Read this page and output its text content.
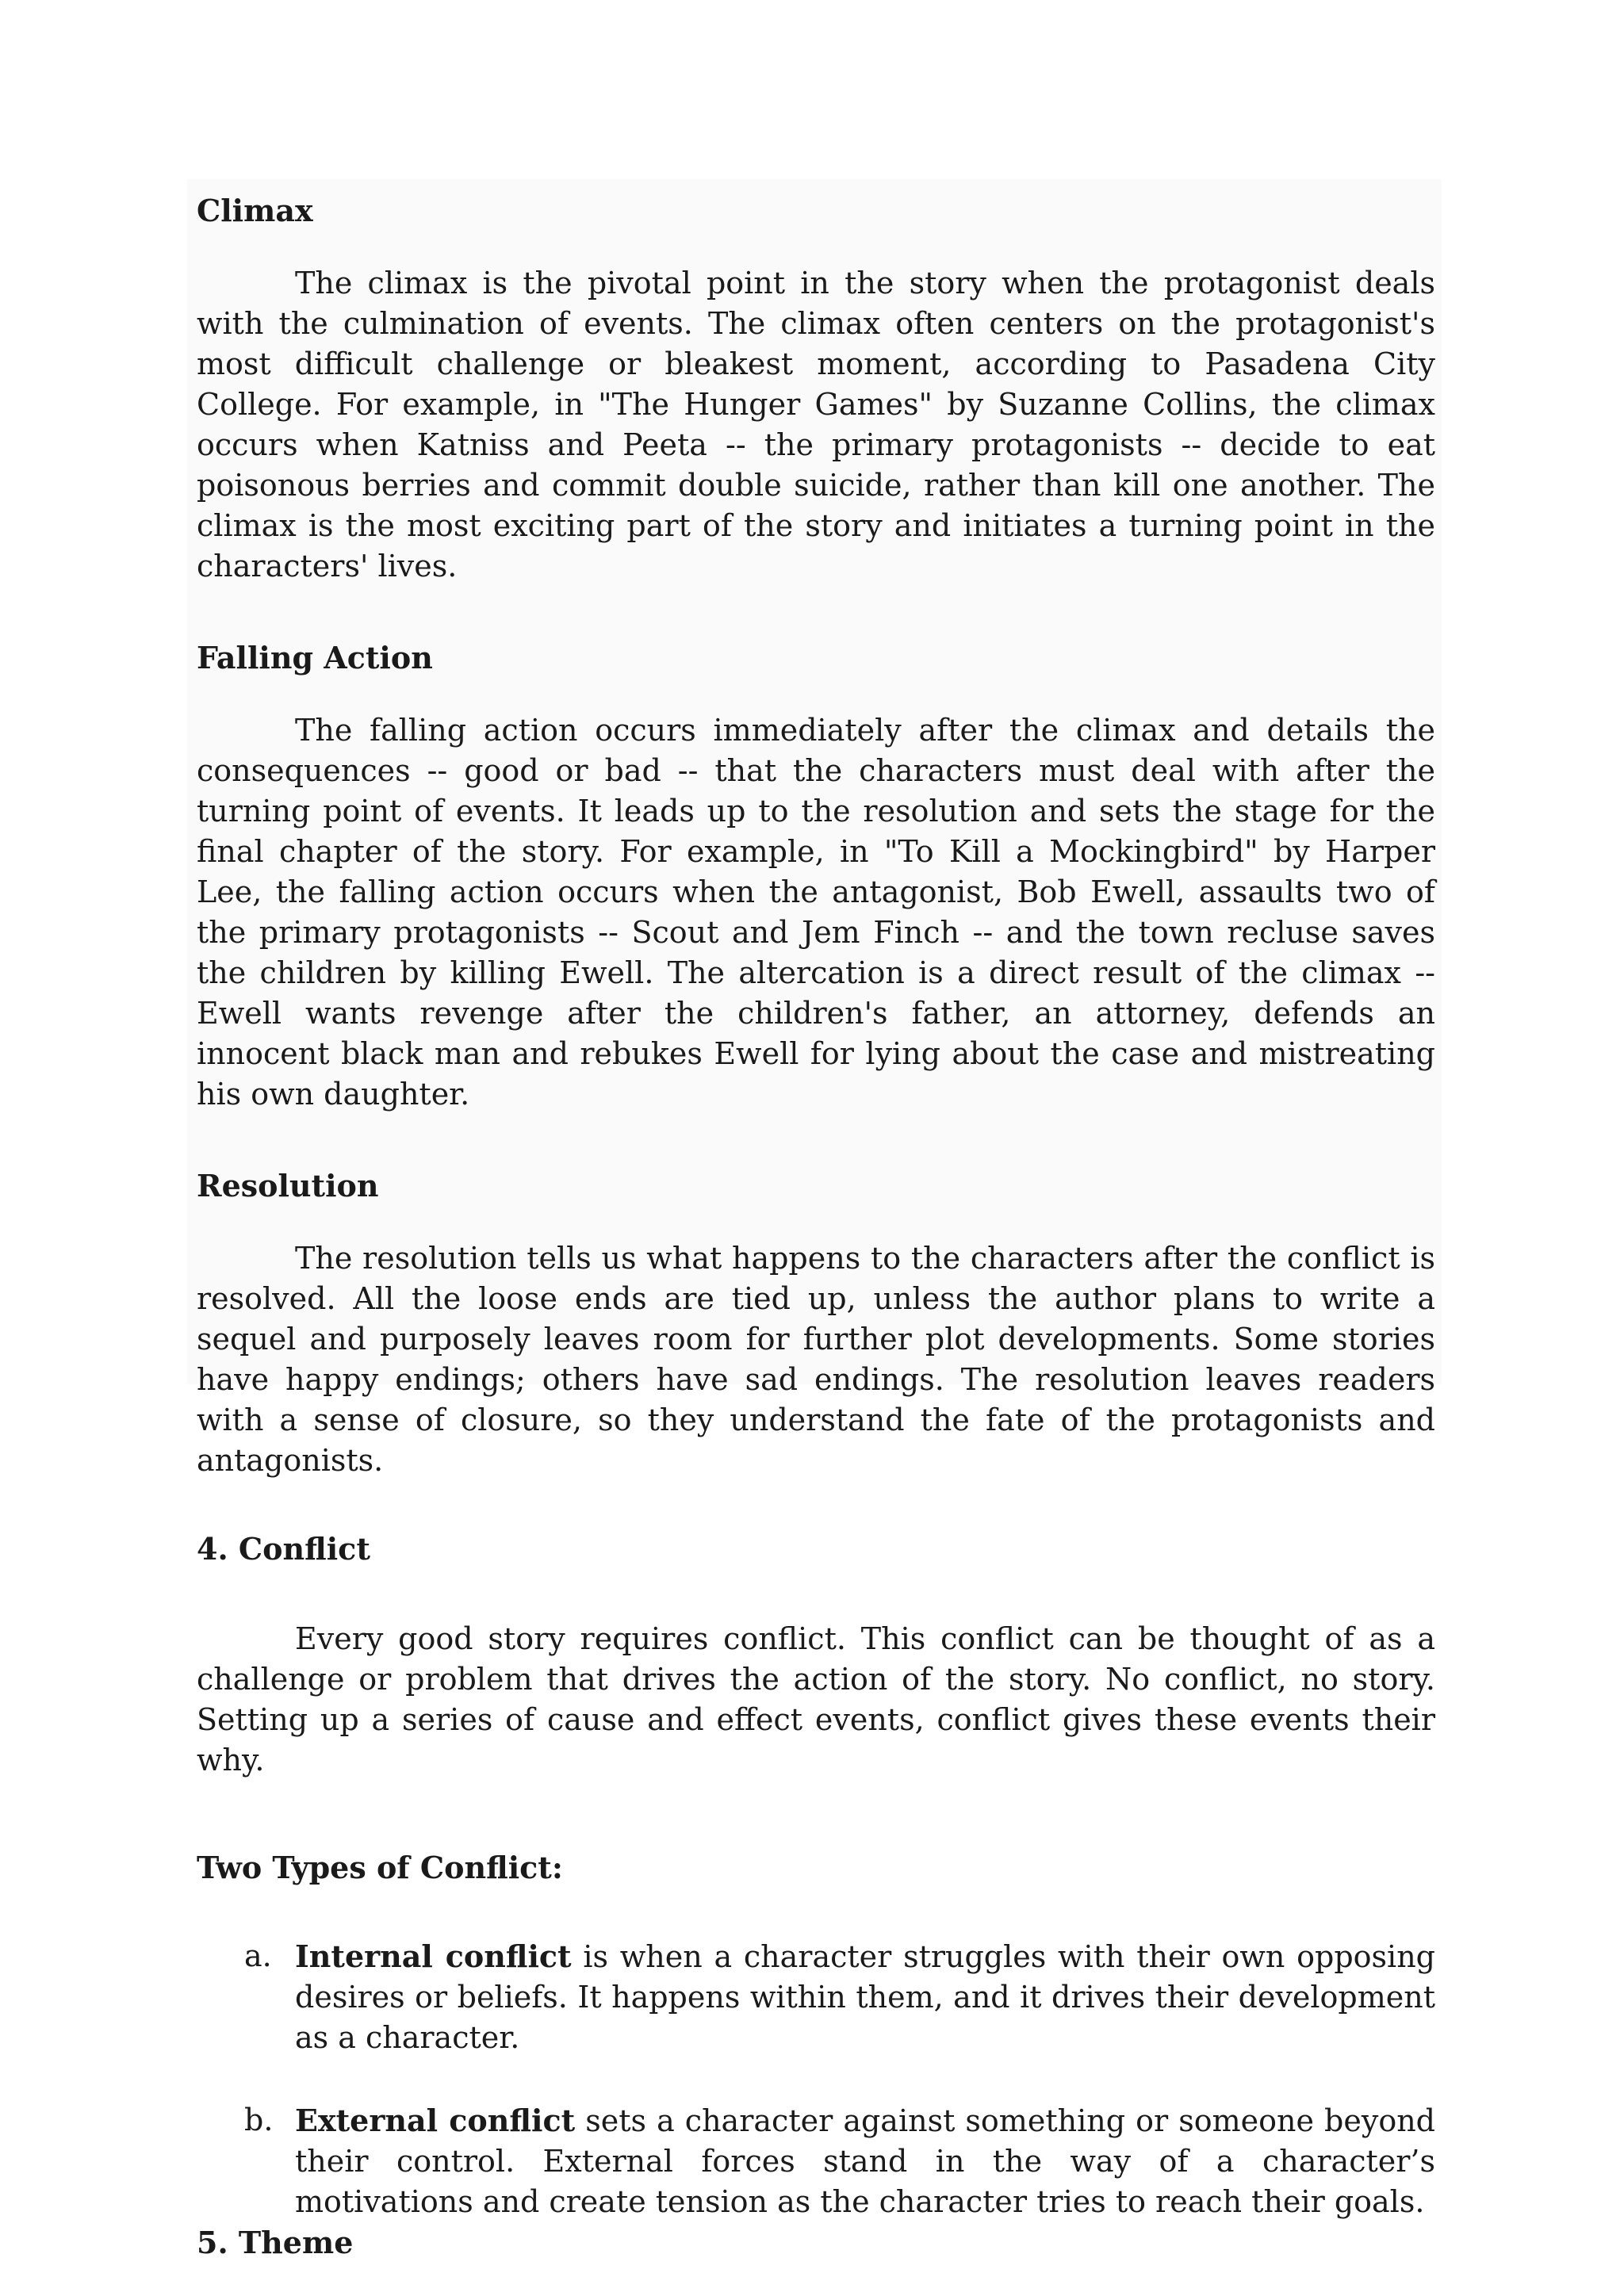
Climax

The climax is the pivotal point in the story when the protagonist deals with the culmination of events. The climax often centers on the protagonist's most difficult challenge or bleakest moment, according to Pasadena City College. For example, in "The Hunger Games" by Suzanne Collins, the climax occurs when Katniss and Peeta -- the primary protagonists -- decide to eat poisonous berries and commit double suicide, rather than kill one another. The climax is the most exciting part of the story and initiates a turning point in the characters' lives.

Falling Action

The falling action occurs immediately after the climax and details the consequences -- good or bad -- that the characters must deal with after the turning point of events. It leads up to the resolution and sets the stage for the final chapter of the story. For example, in "To Kill a Mockingbird" by Harper Lee, the falling action occurs when the antagonist, Bob Ewell, assaults two of the primary protagonists -- Scout and Jem Finch -- and the town recluse saves the children by killing Ewell. The altercation is a direct result of the climax -- Ewell wants revenge after the children's father, an attorney, defends an innocent black man and rebukes Ewell for lying about the case and mistreating his own daughter.

Resolution

The resolution tells us what happens to the characters after the conflict is resolved. All the loose ends are tied up, unless the author plans to write a sequel and purposely leaves room for further plot developments. Some stories have happy endings; others have sad endings. The resolution leaves readers with a sense of closure, so they understand the fate of the protagonists and antagonists.

4. Conflict

Every good story requires conflict. This conflict can be thought of as a challenge or problem that drives the action of the story. No conflict, no story. Setting up a series of cause and effect events, conflict gives these events their why.

Two Types of Conflict:
a. Internal conflict is when a character struggles with their own opposing desires or beliefs. It happens within them, and it drives their development as a character.
b. External conflict sets a character against something or someone beyond their control. External forces stand in the way of a character’s motivations and create tension as the character tries to reach their goals.
5. Theme
